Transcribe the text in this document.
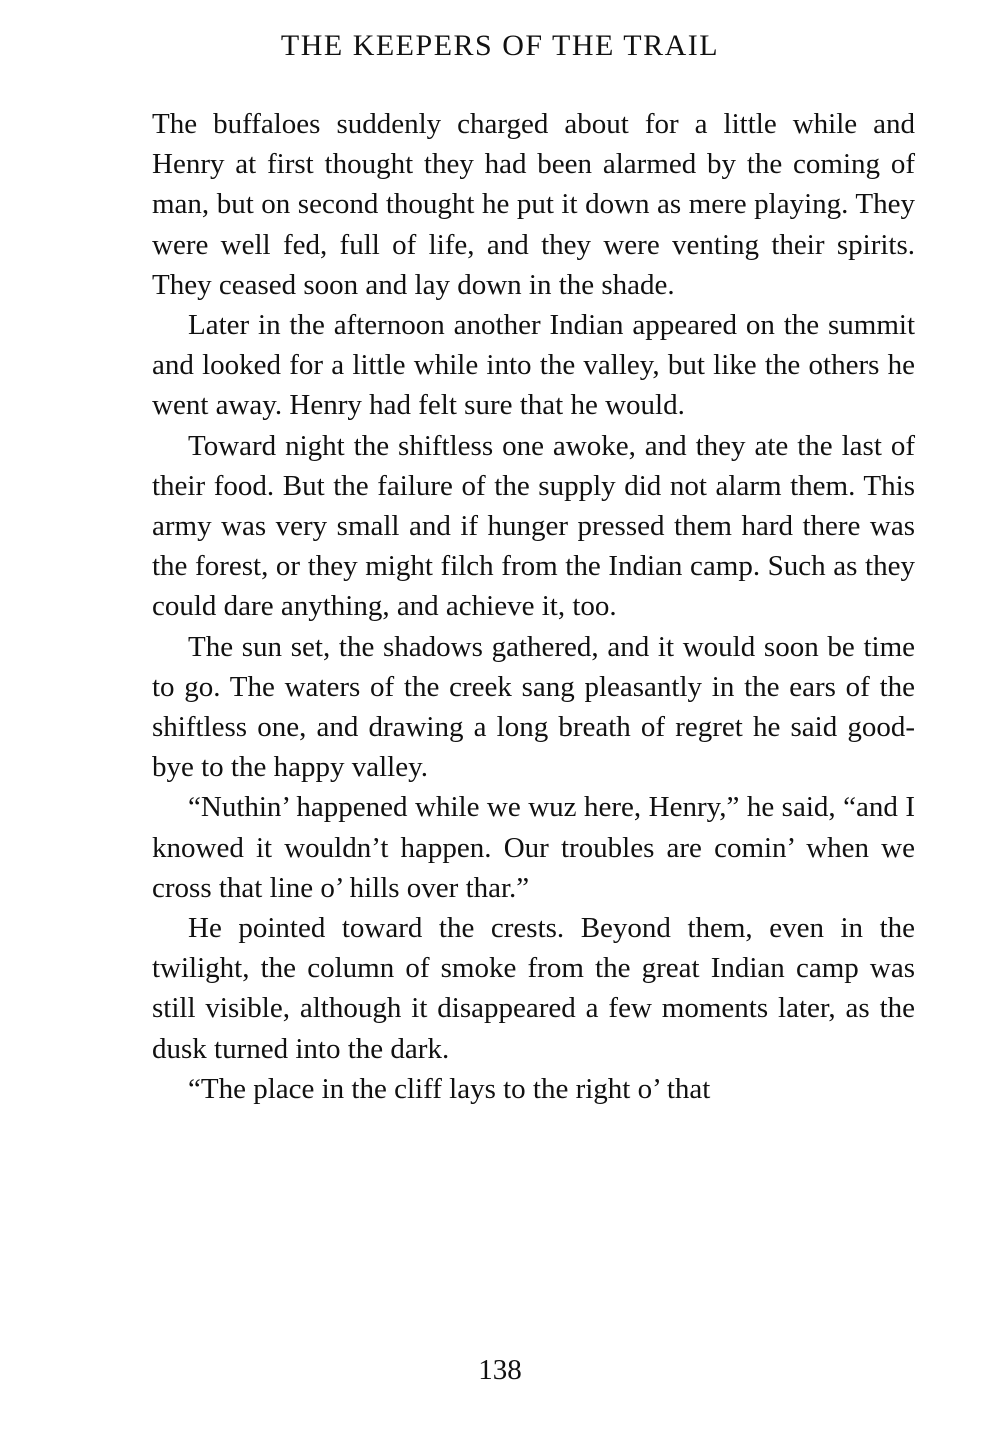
THE KEEPERS OF THE TRAIL

The buffaloes suddenly charged about for a little while and Henry at first thought they had been alarmed by the coming of man, but on second thought he put it down as mere playing. They were well fed, full of life, and they were venting their spirits. They ceased soon and lay down in the shade.

Later in the afternoon another Indian appeared on the summit and looked for a little while into the valley, but like the others he went away. Henry had felt sure that he would.

Toward night the shiftless one awoke, and they ate the last of their food. But the failure of the supply did not alarm them. This army was very small and if hunger pressed them hard there was the forest, or they might filch from the Indian camp. Such as they could dare anything, and achieve it, too.

The sun set, the shadows gathered, and it would soon be time to go. The waters of the creek sang pleasantly in the ears of the shiftless one, and drawing a long breath of regret he said good-bye to the happy valley.

“Nuthin’ happened while we wuz here, Henry,” he said, “and I knowed it wouldn’t happen. Our troubles are comin’ when we cross that line o’ hills over thar.”

He pointed toward the crests. Beyond them, even in the twilight, the column of smoke from the great Indian camp was still visible, although it disappeared a few moments later, as the dusk turned into the dark.

“The place in the cliff lays to the right o’ that

138
